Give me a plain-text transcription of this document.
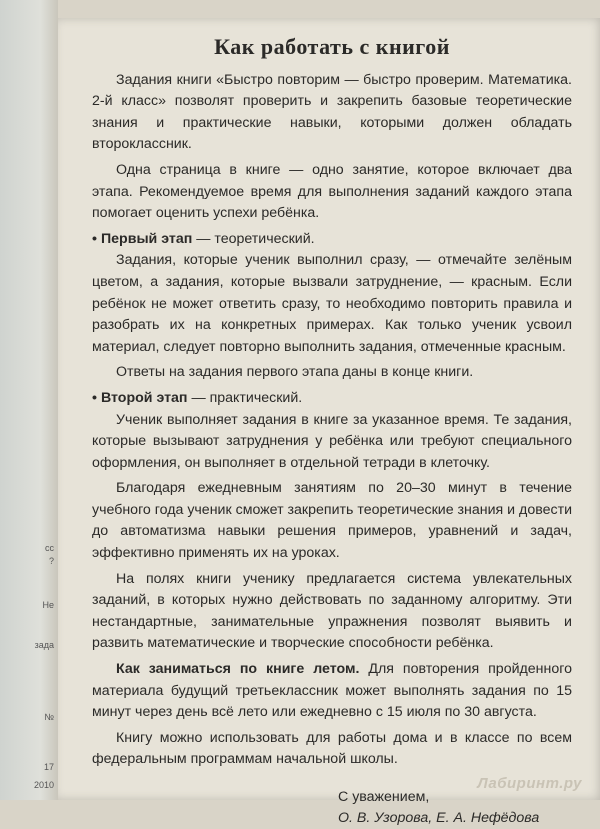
сс
?
Не
зада
№
17
2010
Как работать с книгой

Задания книги «Быстро повторим — быстро проверим. Математика. 2-й класс» позволят проверить и закрепить базовые теоретические знания и практические навыки, которыми должен обладать второклассник.

Одна страница в книге — одно занятие, которое включает два этапа. Рекомендуемое время для выполнения заданий каждого этапа помогает оценить успехи ребёнка.

• Первый этап — теоретический.

Задания, которые ученик выполнил сразу, — отмечайте зелёным цветом, а задания, которые вызвали затруднение, — красным. Если ребёнок не может ответить сразу, то необходимо повторить правила и разобрать их на конкретных примерах. Как только ученик усвоил материал, следует повторно выполнить задания, отмеченные красным.

Ответы на задания первого этапа даны в конце книги.

• Второй этап — практический.

Ученик выполняет задания в книге за указанное время. Те задания, которые вызывают затруднения у ребёнка или требуют специального оформления, он выполняет в отдельной тетради в клеточку.

Благодаря ежедневным занятиям по 20–30 минут в течение учебного года ученик сможет закрепить теоретические знания и довести до автоматизма навыки решения примеров, уравнений и задач, эффективно применять их на уроках.

На полях книги ученику предлагается система увлекательных заданий, в которых нужно действовать по заданному алгоритму. Эти нестандартные, занимательные упражнения позволят выявить и развить математические и творческие способности ребёнка.

Как заниматься по книге летом. Для повторения пройденного материала будущий третьеклассник может выполнять задания по 15 минут через день всё лето или ежедневно с 15 июля по 30 августа.

Книгу можно использовать для работы дома и в классе по всем федеральным программам начальной школы.

С уважением,
О. В. Узорова, Е. А. Нефёдова
Лабиринт.ру
